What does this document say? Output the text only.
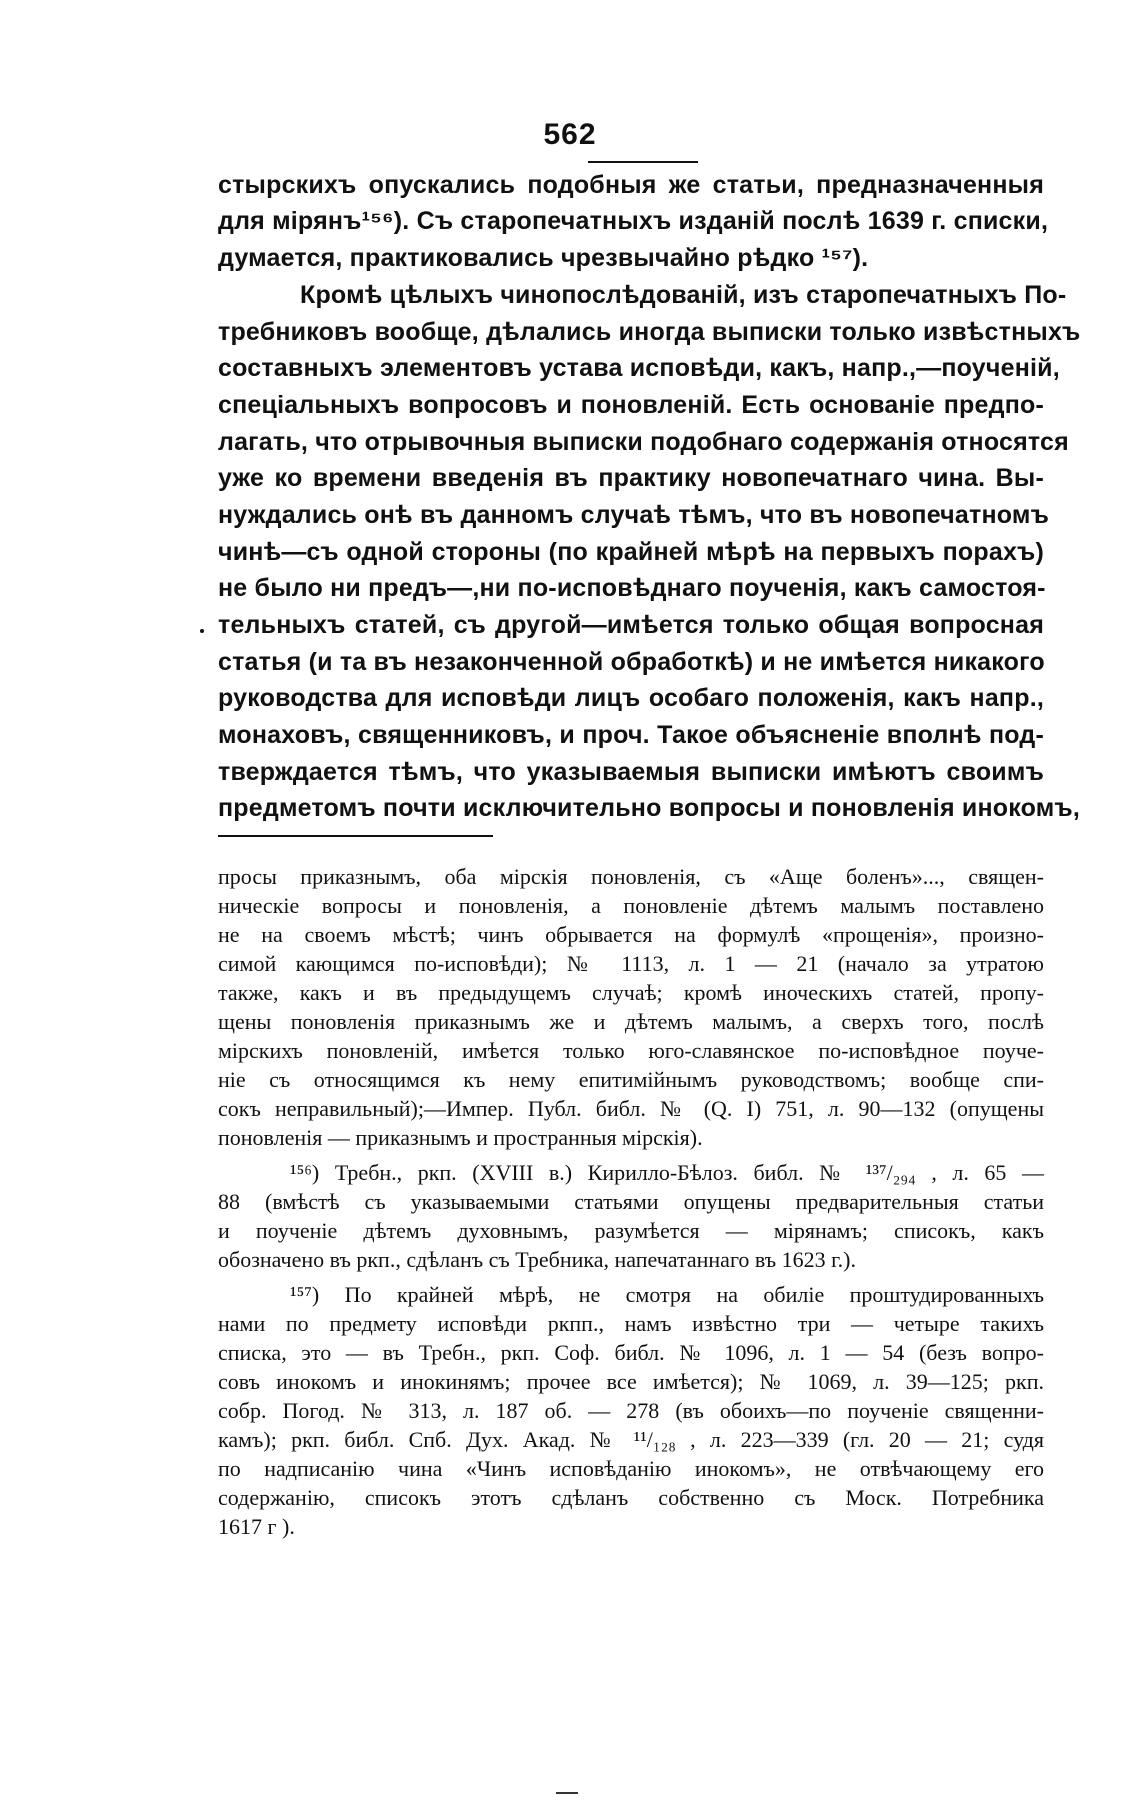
562
стырскихъ опускались подобныя же статьи, предназначенныя
для мірянъ¹⁵⁶). Съ старопечатныхъ изданій послѣ 1639 г. списки,
думается, практиковались чрезвычайно рѣдко ¹⁵⁷).
Кромѣ цѣлыхъ чинопослѣдованій, изъ старопечатныхъ По-
требниковъ вообще, дѣлались иногда выписки только извѣстныхъ
составныхъ элементовъ устава исповѣди, какъ, напр.,—поученій,
спеціальныхъ вопросовъ и поновленій. Есть основаніе предпо-
лагать, что отрывочныя выписки подобнаго содержанія относятся
уже ко времени введенія въ практику новопечатнаго чина. Вы-
нуждались онѣ въ данномъ случаѣ тѣмъ, что въ новопечатномъ
чинѣ—съ одной стороны (по крайней мѣрѣ на первыхъ порахъ)
не было ни предъ—,ни по-исповѣднаго поученія, какъ самостоя-
тельныхъ статей, съ другой—имѣется только общая вопросная
статья (и та въ незаконченной обработкѣ) и не имѣется никакого
руководства для исповѣди лицъ особаго положенія, какъ напр.,
монаховъ, священниковъ, и проч. Такое объясненіе вполнѣ под-
тверждается тѣмъ, что указываемыя выписки имѣютъ своимъ
предметомъ почти исключительно вопросы и поновленія инокомъ,
просы приказнымъ, оба мірскія поновленія, съ «Аще боленъ»..., священ-
ническіе вопросы и поновленія, а поновленіе дѣтемъ малымъ поставлено
не на своемъ мѣстѣ; чинъ обрывается на формулѣ «прощенія», произно-
симой кающимся по-исповѣди); № 1113, л. 1 — 21 (начало за утратою
также, какъ и въ предыдущемъ случаѣ; кромѣ иноческихъ статей, пропу-
щены поновленія приказнымъ же и дѣтемъ малымъ, а сверхъ того, послѣ
мірскихъ поновленій, имѣется только юго-славянское по-исповѣдное поуче-
ніе съ относящимся къ нему епитимійнымъ руководствомъ; вообще спи-
сокъ неправильный);—Импер. Публ. библ. № (Q. I) 751, л. 90—132 (опущены
поновленія — приказнымъ и пространныя мірскія).
¹⁵⁶) Требн., ркп. (XVIII в.) Кирилло-Бѣлоз. библ. № ¹³⁷/₂₉₄ , л. 65 —
88 (вмѣстѣ съ указываемыми статьями опущены предварительныя статьи
и поученіе дѣтемъ духовнымъ, разумѣется — мірянамъ; списокъ, какъ
обозначено въ ркп., сдѣланъ съ Требника, напечатаннаго въ 1623 г.).
¹⁵⁷) По крайней мѣрѣ, не смотря на обиліе проштудированныхъ
нами по предмету исповѣди ркпп., намъ извѣстно три — четыре такихъ
списка, это — въ Требн., ркп. Соф. библ. № 1096, л. 1 — 54 (безъ вопро-
совъ инокомъ и инокинямъ; прочее все имѣется); № 1069, л. 39—125; ркп.
собр. Погод. № 313, л. 187 об. — 278 (въ обоихъ—по поученіе священни-
камъ); ркп. библ. Спб. Дух. Акад. № ¹¹/₁₂₈ , л. 223—339 (гл. 20 — 21; судя
по надписанію чина «Чинъ исповѣданію инокомъ», не отвѣчающему его
содержанію, списокъ этотъ сдѣланъ собственно съ Моск. Потребника
1617 г ).
